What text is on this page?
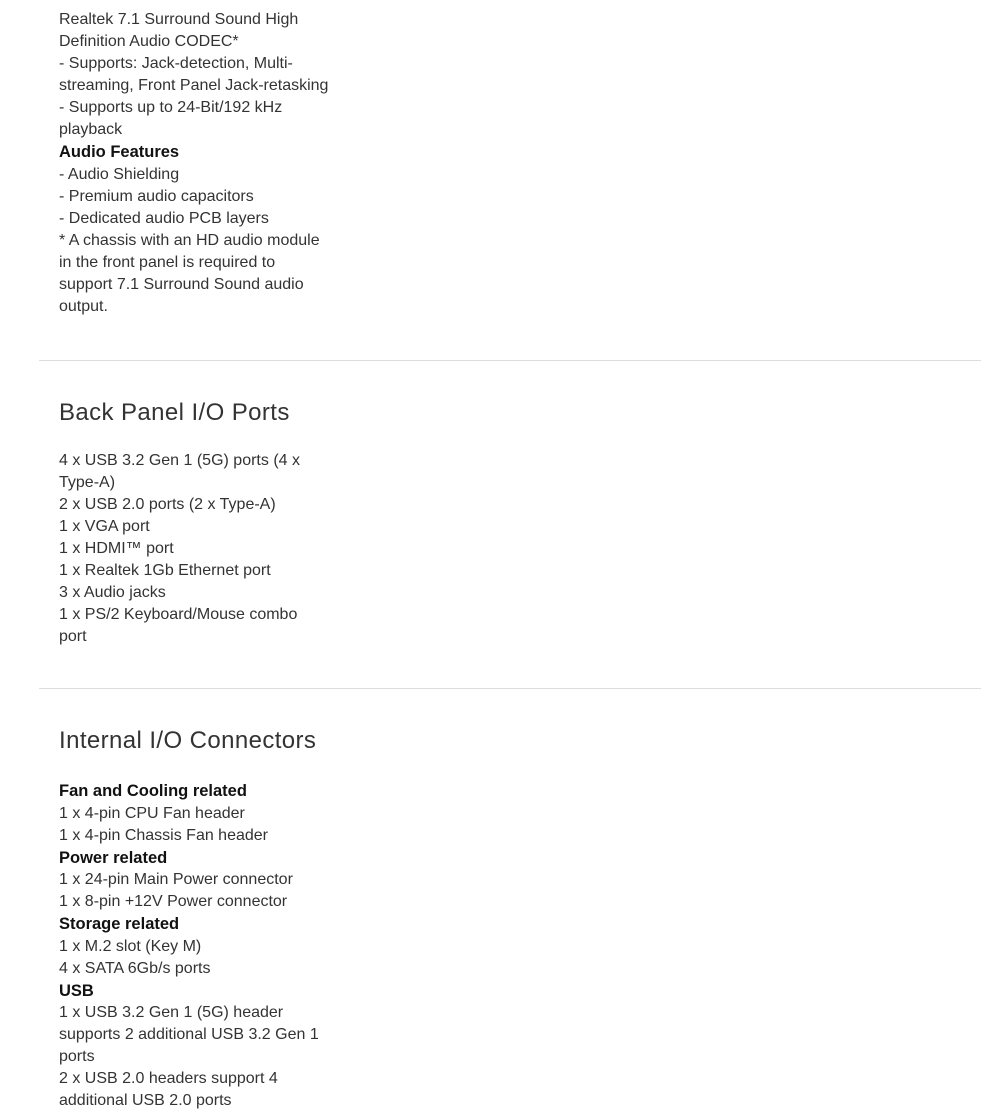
Realtek 7.1 Surround Sound High
Definition Audio CODEC*
- Supports: Jack-detection, Multi-
streaming, Front Panel Jack-retasking
- Supports up to 24-Bit/192 kHz
playback
Audio Features
- Audio Shielding
- Premium audio capacitors
- Dedicated audio PCB layers
* A chassis with an HD audio module
in the front panel is required to
support 7.1 Surround Sound audio
output.
Back Panel I/O Ports
4 x USB 3.2 Gen 1 (5G) ports (4 x
Type-A)
2 x USB 2.0 ports (2 x Type-A)
1 x VGA port
1 x HDMI™ port
1 x Realtek 1Gb Ethernet port
3 x Audio jacks
1 x PS/2 Keyboard/Mouse combo
port
Internal I/O Connectors
Fan and Cooling related
1 x 4-pin CPU Fan header
1 x 4-pin Chassis Fan header
Power related
1 x 24-pin Main Power connector
1 x 8-pin +12V Power connector
Storage related
1 x M.2 slot (Key M)
4 x SATA 6Gb/s ports
USB
1 x USB 3.2 Gen 1 (5G) header
supports 2 additional USB 3.2 Gen 1
ports
2 x USB 2.0 headers support 4
additional USB 2.0 ports
